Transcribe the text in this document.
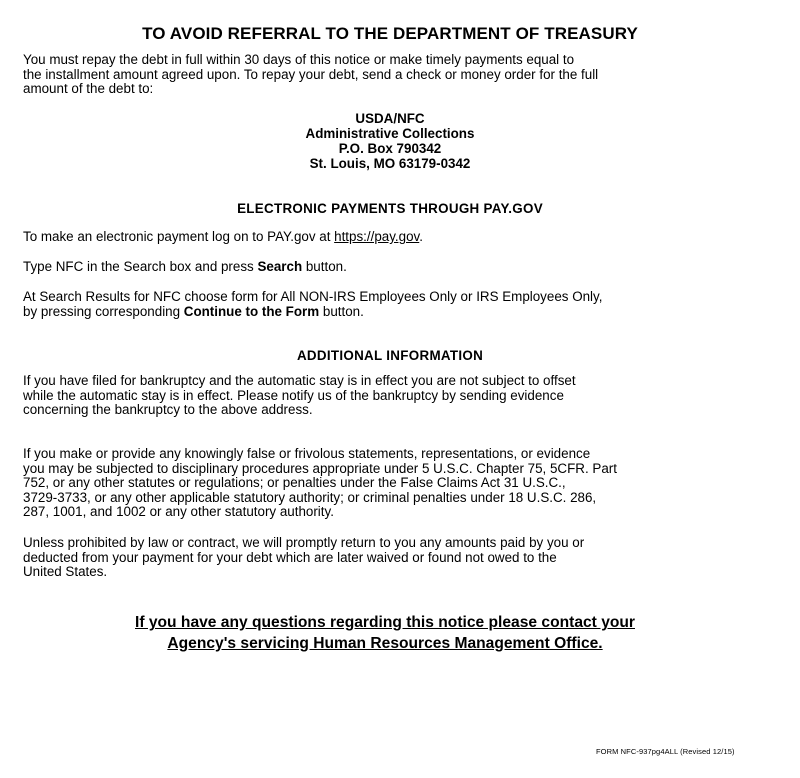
TO AVOID REFERRAL TO THE DEPARTMENT OF TREASURY
You must repay the debt in full within 30 days of this notice or make timely payments equal to
the installment amount agreed upon. To repay your debt, send a check or money order for the full
amount of the debt to:
USDA/NFC
Administrative Collections
P.O. Box 790342
St. Louis, MO 63179-0342
ELECTRONIC PAYMENTS THROUGH PAY.GOV
To make an electronic payment log on to PAY.gov at https://pay.gov.
Type NFC in the Search box and press Search button.
At Search Results for NFC choose form for All NON-IRS Employees Only or IRS Employees Only,
by pressing corresponding Continue to the Form button.
ADDITIONAL INFORMATION
If you have filed for bankruptcy and the automatic stay is in effect you are not subject to offset
while the automatic stay is in effect. Please notify us of the bankruptcy by sending evidence
concerning the bankruptcy to the above address.
If you make or provide any knowingly false or frivolous statements, representations, or evidence
you may be subjected to disciplinary procedures appropriate under 5 U.S.C. Chapter 75, 5CFR. Part
752, or any other statutes or regulations; or penalties under the False Claims Act 31 U.S.C.,
3729-3733, or any other applicable statutory authority; or criminal penalties under 18 U.S.C. 286,
287, 1001, and 1002 or any other statutory authority.
Unless prohibited by law or contract, we will promptly return to you any amounts paid by you or
deducted from your payment for your debt which are later waived or found not owed to the
United States.
If you have any questions regarding this notice please contact your
Agency's servicing Human Resources Management Office.
FORM NFC-937pg4ALL (Revised 12/15)
